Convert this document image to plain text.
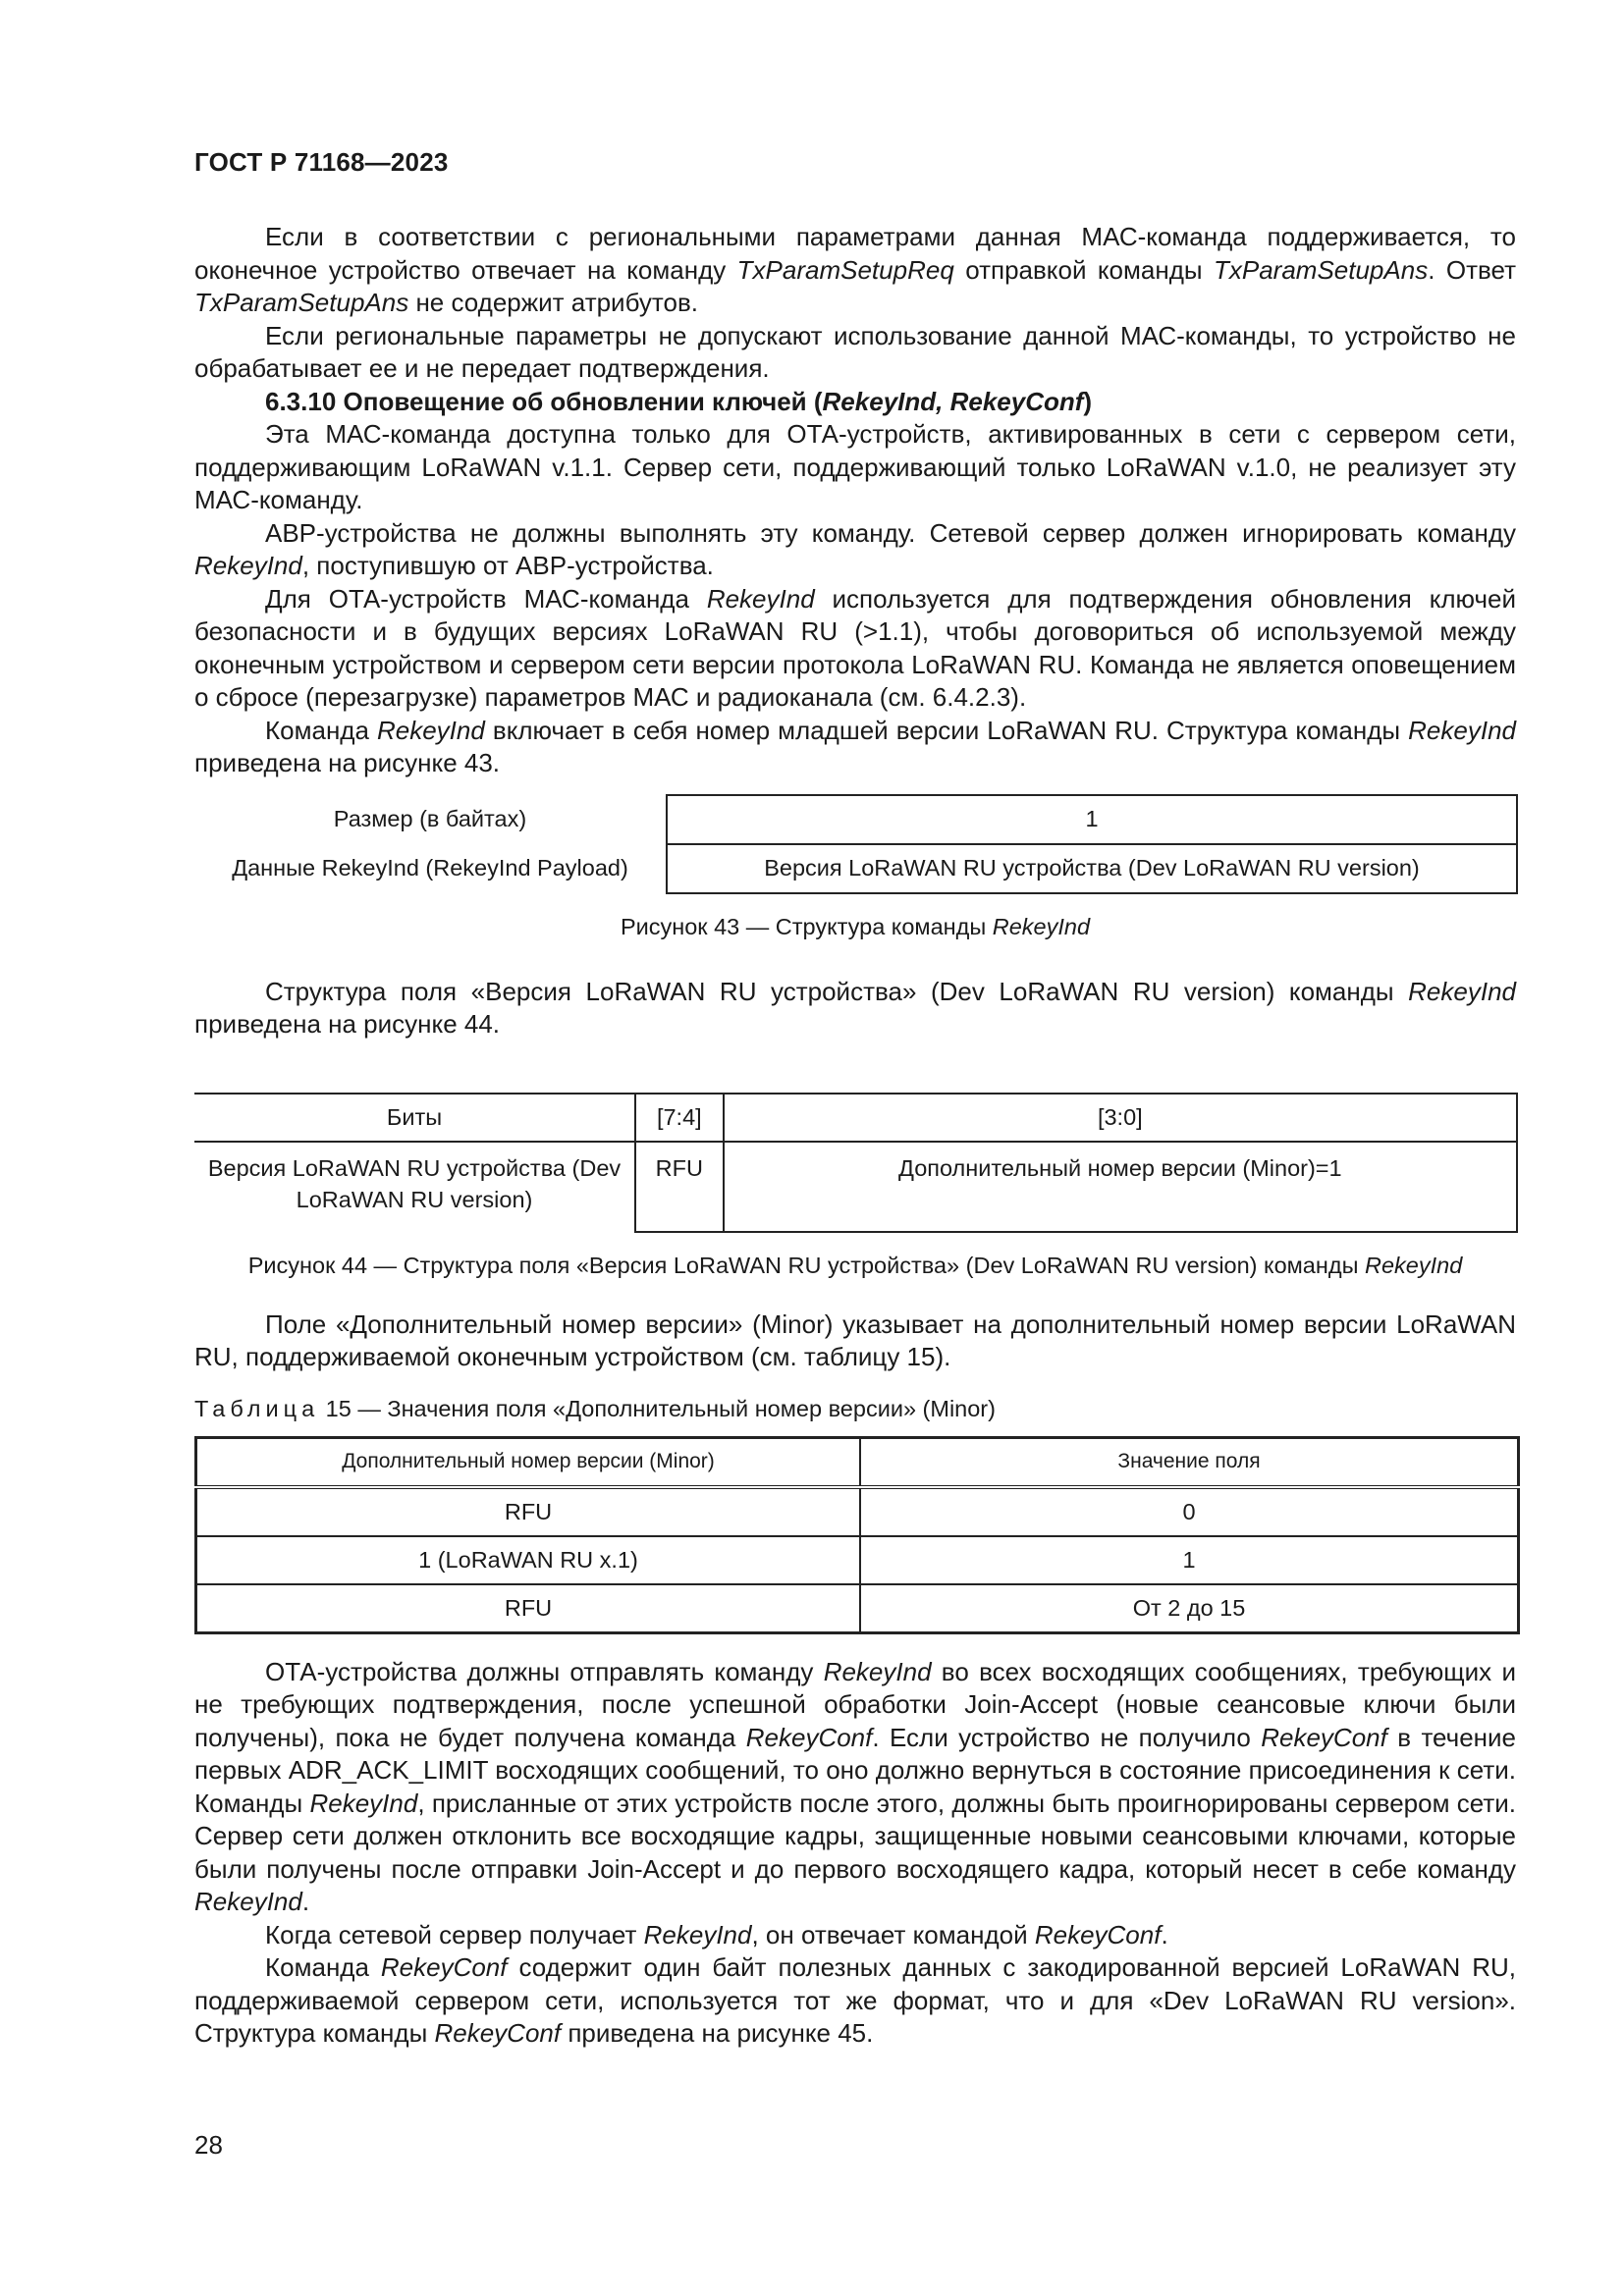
ГОСТ Р 71168—2023

Если в соответствии с региональными параметрами данная МАС-команда поддерживается, то оконечное устройство отвечает на команду TxParamSetupReq отправкой команды TxParamSetupAns. Ответ TxParamSetupAns не содержит атрибутов.

Если региональные параметры не допускают использование данной МАС-команды, то устройство не обрабатывает ее и не передает подтверждения.

6.3.10 Оповещение об обновлении ключей (RekeyInd, RekeyConf)

Эта МАС-команда доступна только для ОТА-устройств, активированных в сети с сервером сети, поддерживающим LoRaWAN v.1.1. Сервер сети, поддерживающий только LoRaWAN v.1.0, не реализует эту МАС-команду.

АВР-устройства не должны выполнять эту команду. Сетевой сервер должен игнорировать команду RekeyInd, поступившую от АВР-устройства.

Для ОТА-устройств МАС-команда RekeyInd используется для подтверждения обновления ключей безопасности и в будущих версиях LoRaWAN RU (>1.1), чтобы договориться об используемой между оконечным устройством и сервером сети версии протокола LoRaWAN RU. Команда не является оповещением о сбросе (перезагрузке) параметров МАС и радиоканала (см. 6.4.2.3).

Команда RekeyInd включает в себя номер младшей версии LoRaWAN RU. Структура команды RekeyInd приведена на рисунке 43.

Размер (в байтах)	1
Данные RekeyInd (RekeyInd Payload)	Версия LoRaWAN RU устройства (Dev LoRaWAN RU version)
Рисунок 43 — Структура команды RekeyInd

Структура поля «Версия LoRaWAN RU устройства» (Dev LoRaWAN RU version) команды RekeyInd приведена на рисунке 44.

Биты	[7:4]	[3:0]
Версия LoRaWAN RU устройства (Dev LoRaWAN RU version)	RFU	Дополнительный номер версии (Minor)=1
Рисунок 44 — Структура поля «Версия LoRaWAN RU устройства» (Dev LoRaWAN RU version) команды RekeyInd

Поле «Дополнительный номер версии» (Minor) указывает на дополнительный номер версии LoRaWAN RU, поддерживаемой оконечным устройством (см. таблицу 15).

Таблица 15 — Значения поля «Дополнительный номер версии» (Minor)
Дополнительный номер версии (Minor)	Значение поля
RFU	0
1 (LoRaWAN RU x.1)	1
RFU	От 2 до 15

ОТА-устройства должны отправлять команду RekeyInd во всех восходящих сообщениях, требующих и не требующих подтверждения, после успешной обработки Join-Accept (новые сеансовые ключи были получены), пока не будет получена команда RekeyConf. Если устройство не получило RekeyConf в течение первых ADR_ACK_LIMIT восходящих сообщений, то оно должно вернуться в состояние присоединения к сети. Команды RekeyInd, присланные от этих устройств после этого, должны быть проигнорированы сервером сети. Сервер сети должен отклонить все восходящие кадры, защищенные новыми сеансовыми ключами, которые были получены после отправки Join-Accept и до первого восходящего кадра, который несет в себе команду RekeyInd.

Когда сетевой сервер получает RekeyInd, он отвечает командой RekeyConf.

Команда RekeyConf содержит один байт полезных данных с закодированной версией LoRaWAN RU, поддерживаемой сервером сети, используется тот же формат, что и для «Dev LoRaWAN RU version». Структура команды RekeyConf приведена на рисунке 45.

28
